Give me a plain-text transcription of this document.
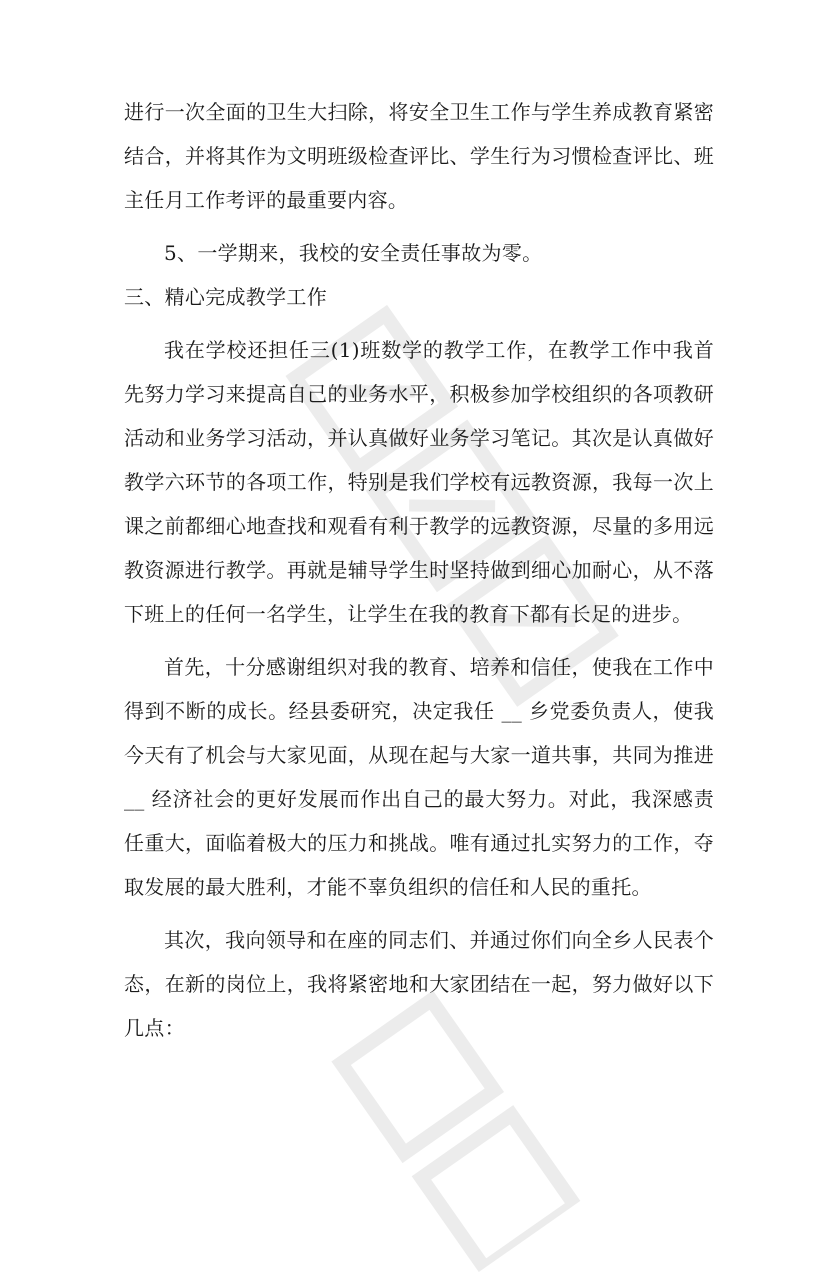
进行一次全面的卫生大扫除，将安全卫生工作与学生养成教育紧密结合，并将其作为文明班级检查评比、学生行为习惯检查评比、班主任月工作考评的最重要内容。

5、一学期来，我校的安全责任事故为零。

三、精心完成教学工作

我在学校还担任三(1)班数学的教学工作，在教学工作中我首先努力学习来提高自己的业务水平，积极参加学校组织的各项教研活动和业务学习活动，并认真做好业务学习笔记。其次是认真做好教学六环节的各项工作，特别是我们学校有远教资源，我每一次上课之前都细心地查找和观看有利于教学的远教资源，尽量的多用远教资源进行教学。再就是辅导学生时坚持做到细心加耐心，从不落下班上的任何一名学生，让学生在我的教育下都有长足的进步。

首先，十分感谢组织对我的教育、培养和信任，使我在工作中得到不断的成长。经县委研究，决定我任 __ 乡党委负责人，使我今天有了机会与大家见面，从现在起与大家一道共事，共同为推进__ 经济社会的更好发展而作出自己的最大努力。对此，我深感责任重大，面临着极大的压力和挑战。唯有通过扎实努力的工作，夺取发展的最大胜利，才能不辜负组织的信任和人民的重托。

其次，我向领导和在座的同志们、并通过你们向全乡人民表个态，在新的岗位上，我将紧密地和大家团结在一起，努力做好以下几点：
